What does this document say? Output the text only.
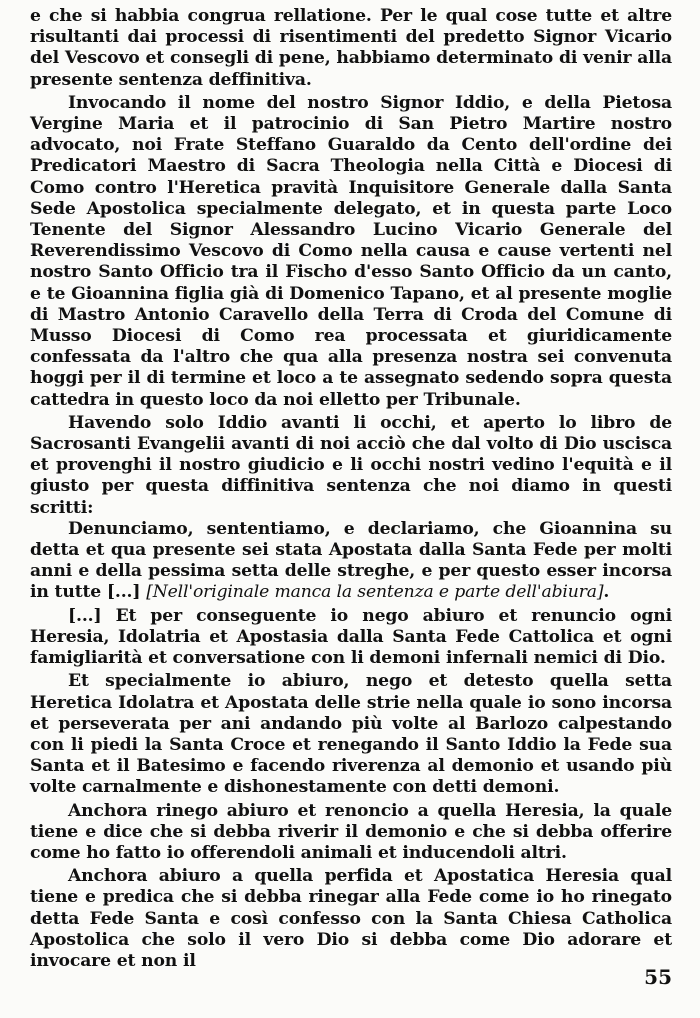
e che si habbia congrua rellatione. Per le qual cose tutte et altre risultanti dai processi di risentimenti del predetto Signor Vicario del Vescovo et consegli di pene, habbiamo determinato di venir alla presente sentenza deffinitiva.

Invocando il nome del nostro Signor Iddio, e della Pietosa Vergine Maria et il patrocinio di San Pietro Martire nostro advocato, noi Frate Steffano Guaraldo da Cento dell'ordine dei Predicatori Maestro di Sacra Theologia nella Città e Diocesi di Como contro l'Heretica pravità Inquisitore Generale dalla Santa Sede Apostolica specialmente delegato, et in questa parte Loco Tenente del Signor Alessandro Lucino Vicario Generale del Reverendissimo Vescovo di Como nella causa e cause vertenti nel nostro Santo Officio tra il Fischo d'esso Santo Officio da un canto, e te Gioannina figlia già di Domenico Tapano, et al presente moglie di Mastro Antonio Caravello della Terra di Croda del Comune di Musso Diocesi di Como rea processata et giuridicamente confessata da l'altro che qua alla presenza nostra sei convenuta hoggi per il di termine et loco a te assegnato sedendo sopra questa cattedra in questo loco da noi elletto per Tribunale.

Havendo solo Iddio avanti li occhi, et aperto lo libro de Sacrosanti Evangelii avanti di noi acciò che dal volto di Dio uscisca et provenghi il nostro giudicio e li occhi nostri vedino l'equità e il giusto per questa diffinitiva sentenza che noi diamo in questi scritti:

Denunciamo, sententiamo, e declariamo, che Gioannina su detta et qua presente sei stata Apostata dalla Santa Fede per molti anni e della pessima setta delle streghe, e per questo esser incorsa in tutte [...] [Nell'originale manca la sentenza e parte dell'abiura].

[...] Et per conseguente io nego abiuro et renuncio ogni Heresia, Idolatria et Apostasia dalla Santa Fede Cattolica et ogni famigliarità et conversatione con li demoni infernali nemici di Dio.

Et specialmente io abiuro, nego et detesto quella setta Heretica Idolatra et Apostata delle strie nella quale io sono incorsa et perseverata per ani andando più volte al Barlozo calpestando con li piedi la Santa Croce et renegando il Santo Iddio la Fede sua Santa et il Batesimo e facendo riverenza al demonio et usando più volte carnalmente e dishonestamente con detti demoni.

Anchora rinego abiuro et renoncio a quella Heresia, la quale tiene e dice che si debba riverir il demonio e che si debba offerire come ho fatto io offerendoli animali et inducendoli altri.

Anchora abiuro a quella perfida et Apostatica Heresia qual tiene e predica che si debba rinegar alla Fede come io ho rinegato detta Fede Santa e così confesso con la Santa Chiesa Catholica Apostolica che solo il vero Dio si debba come Dio adorare et invocare et non il

55
